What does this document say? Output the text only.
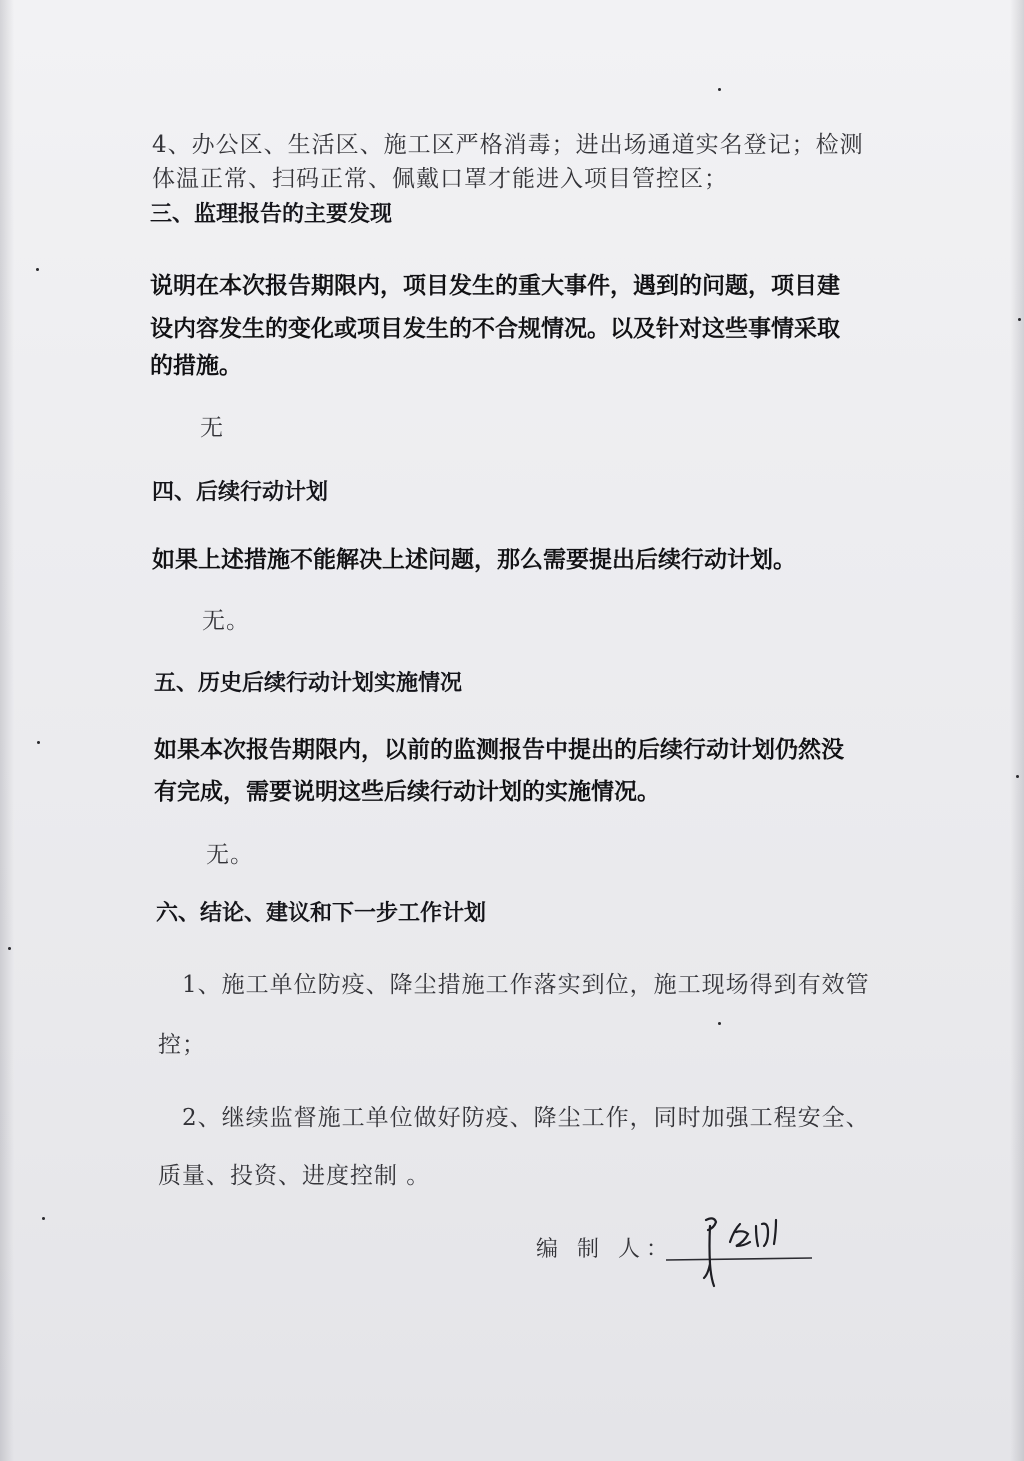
4、办公区、生活区、施工区严格消毒；进出场通道实名登记；检测

体温正常、扫码正常、佩戴口罩才能进入项目管控区；

三、监理报告的主要发现

说明在本次报告期限内，项目发生的重大事件，遇到的问题，项目建

设内容发生的变化或项目发生的不合规情况。以及针对这些事情采取

的措施。

无

四、后续行动计划

如果上述措施不能解决上述问题，那么需要提出后续行动计划。

无。

五、历史后续行动计划实施情况

如果本次报告期限内，以前的监测报告中提出的后续行动计划仍然没

有完成，需要说明这些后续行动计划的实施情况。

无。

六、结论、建议和下一步工作计划

1、施工单位防疫、降尘措施工作落实到位，施工现场得到有效管

控；

2、继续监督施工单位做好防疫、降尘工作，同时加强工程安全、

质量、投资、进度控制 。

编 制 人：
